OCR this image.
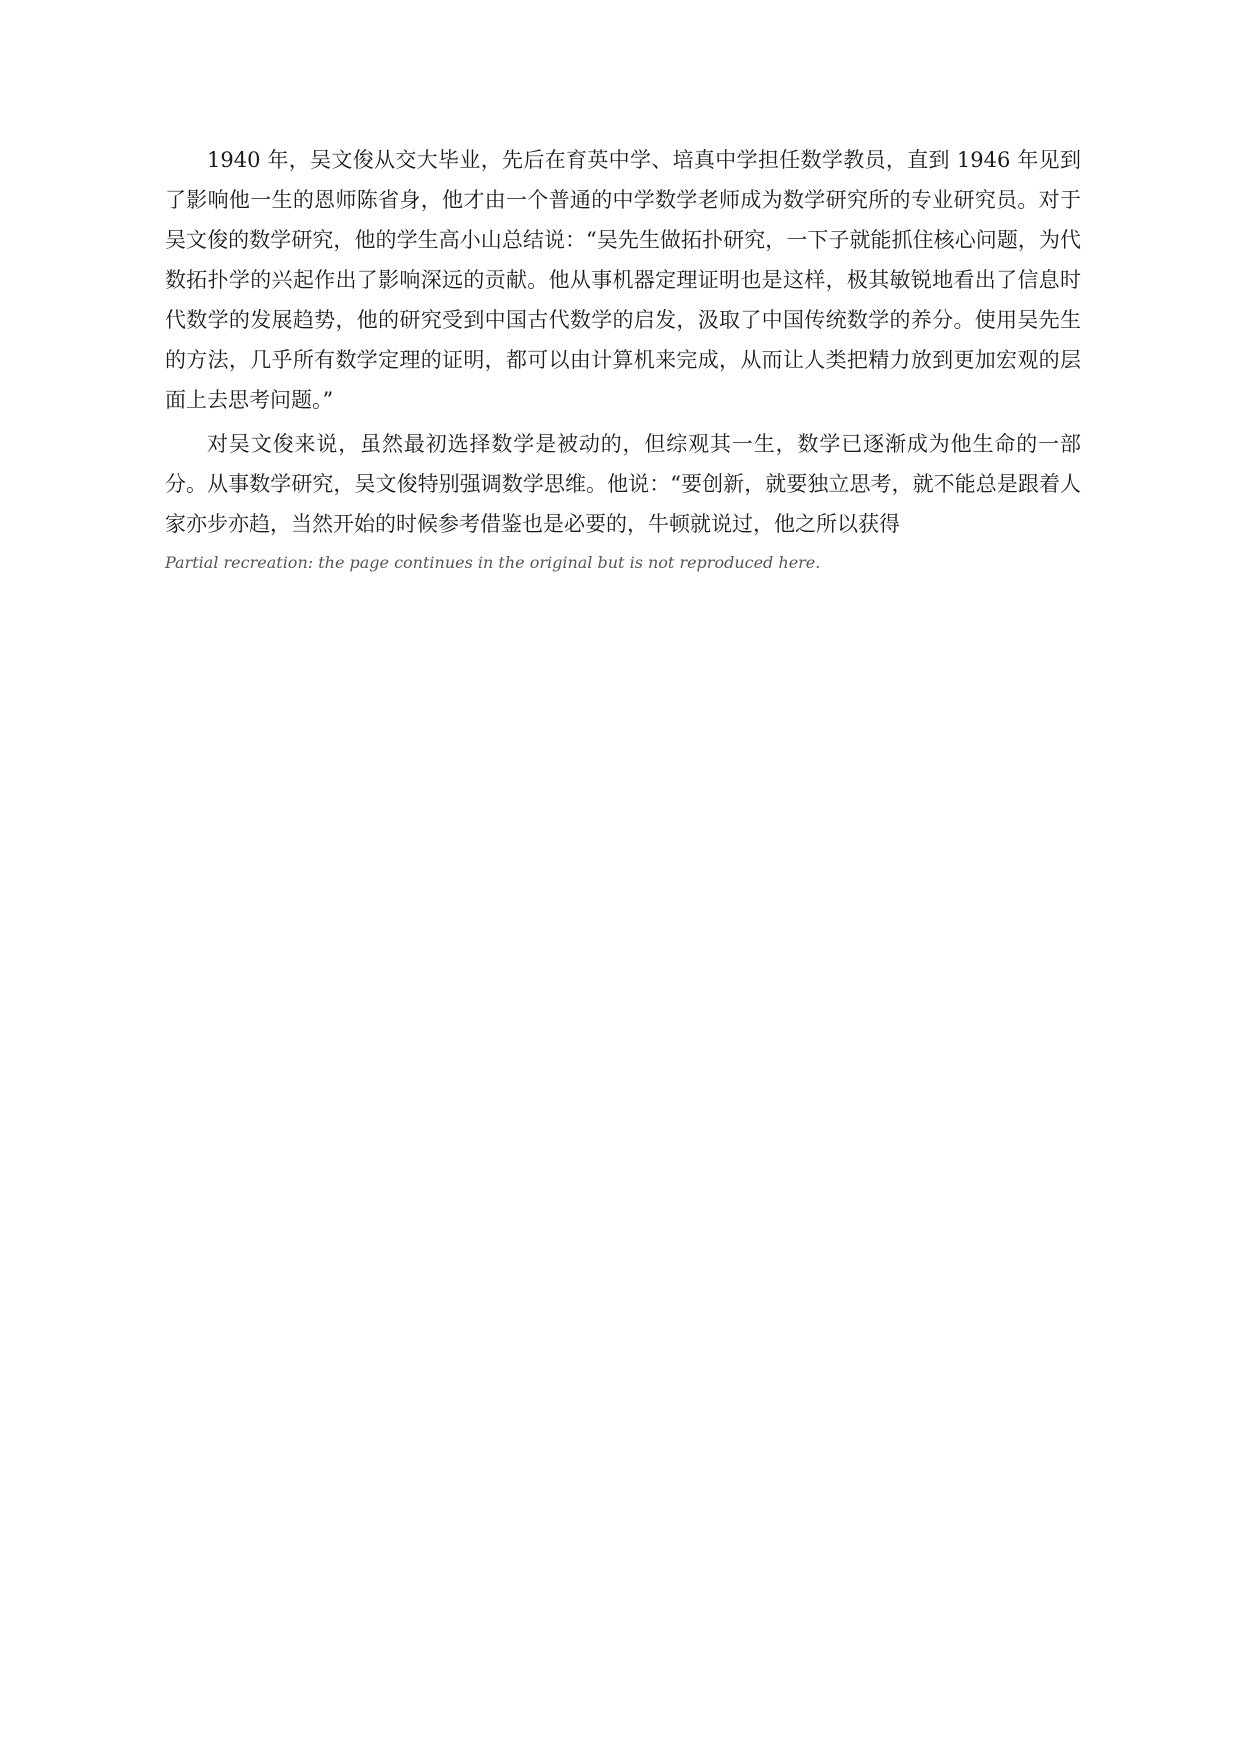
1940 年，吴文俊从交大毕业，先后在育英中学、培真中学担任数学教员，直到 1946 年见到了影响他一生的恩师陈省身，他才由一个普通的中学数学老师成为数学研究所的专业研究员。对于吴文俊的数学研究，他的学生高小山总结说：“吴先生做拓扑研究，一下子就能抓住核心问题，为代数拓扑学的兴起作出了影响深远的贡献。他从事机器定理证明也是这样，极其敏锐地看出了信息时代数学的发展趋势，他的研究受到中国古代数学的启发，汲取了中国传统数学的养分。使用吴先生的方法，几乎所有数学定理的证明，都可以由计算机来完成，从而让人类把精力放到更加宏观的层面上去思考问题。”

对吴文俊来说，虽然最初选择数学是被动的，但综观其一生，数学已逐渐成为他生命的一部分。从事数学研究，吴文俊特别强调数学思维。他说：“要创新，就要独立思考，就不能总是跟着人家亦步亦趋，当然开始的时候参考借鉴也是必要的，牛顿就说过，他之所以获得

Partial recreation: the page continues in the original but is not reproduced here.
